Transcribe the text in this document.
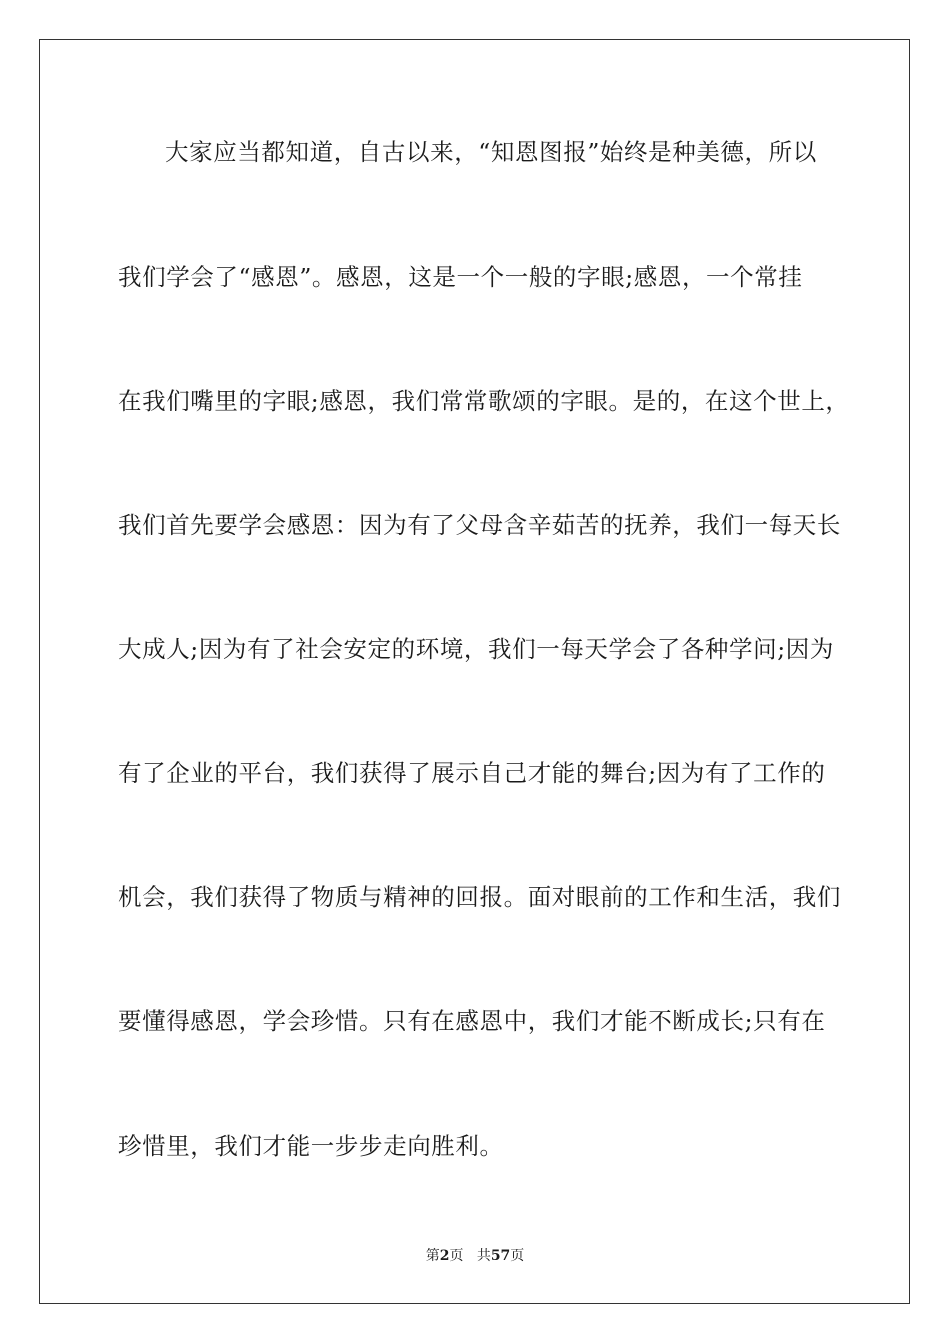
大家应当都知道，自古以来，“知恩图报”始终是种美德，所以
我们学会了“感恩”。感恩，这是一个一般的字眼;感恩，一个常挂
在我们嘴里的字眼;感恩，我们常常歌颂的字眼。是的，在这个世上，
我们首先要学会感恩：因为有了父母含辛茹苦的抚养，我们一每天长
大成人;因为有了社会安定的环境，我们一每天学会了各种学问;因为
有了企业的平台，我们获得了展示自己才能的舞台;因为有了工作的
机会，我们获得了物质与精神的回报。面对眼前的工作和生活，我们
要懂得感恩，学会珍惜。只有在感恩中，我们才能不断成长;只有在
珍惜里，我们才能一步步走向胜利。
第2页 共57页
